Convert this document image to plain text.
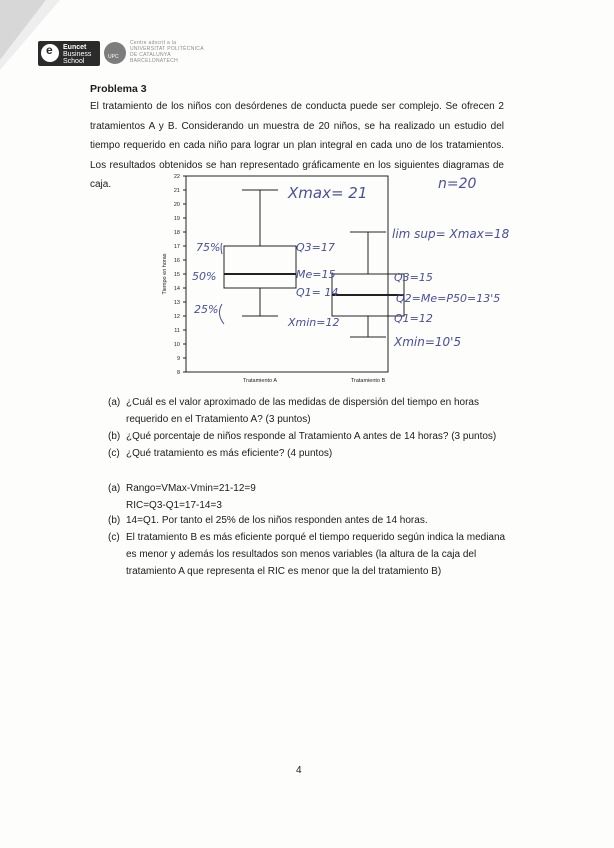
e Euncet
Business
School
UPC
Centre adscrit a la
UNIVERSITAT POLITÈCNICA
DE CATALUNYA
BARCELONATECH
Problema 3
El tratamiento de los niños con desórdenes de conducta puede ser complejo. Se ofrecen 2 tratamientos A y B. Considerando un muestra de 20 niños, se ha realizado un estudio del tiempo requerido en cada niño para lograr un plan integral en cada uno de los tratamientos. Los resultados obtenidos se han representado gráficamente en los siguientes diagramas de caja.
8
9
10
11
12
13
14
15
16
17
18
19
20
21
22
Tiempo en horas
Tratamiento A	Tratamiento B
Xmax= 21	n=20
75%
50%
25%
Q3=17
Me=15
Q1= 14
Xmin=12
lim sup= Xmax=18
Q3=15
Q2=Me=P50=13'5
Q1=12
Xmin=10'5
(a) ¿Cuál es el valor aproximado de las medidas de dispersión del tiempo en horas requerido en el Tratamiento A? (3 puntos)
(b) ¿Qué porcentaje de niños responde al Tratamiento A antes de 14 horas? (3 puntos)
(c) ¿Qué tratamiento es más eficiente? (4 puntos)
(a) Rango=VMax-Vmin=21-12=9
RIC=Q3-Q1=17-14=3
(b) 14=Q1. Por tanto el 25% de los niños responden antes de 14 horas.
(c) El tratamiento B es más eficiente porqué el tiempo requerido según indica la mediana es menor y además los resultados son menos variables (la altura de la caja del tratamiento A que representa el RIC es menor que la del tratamiento B)
4
